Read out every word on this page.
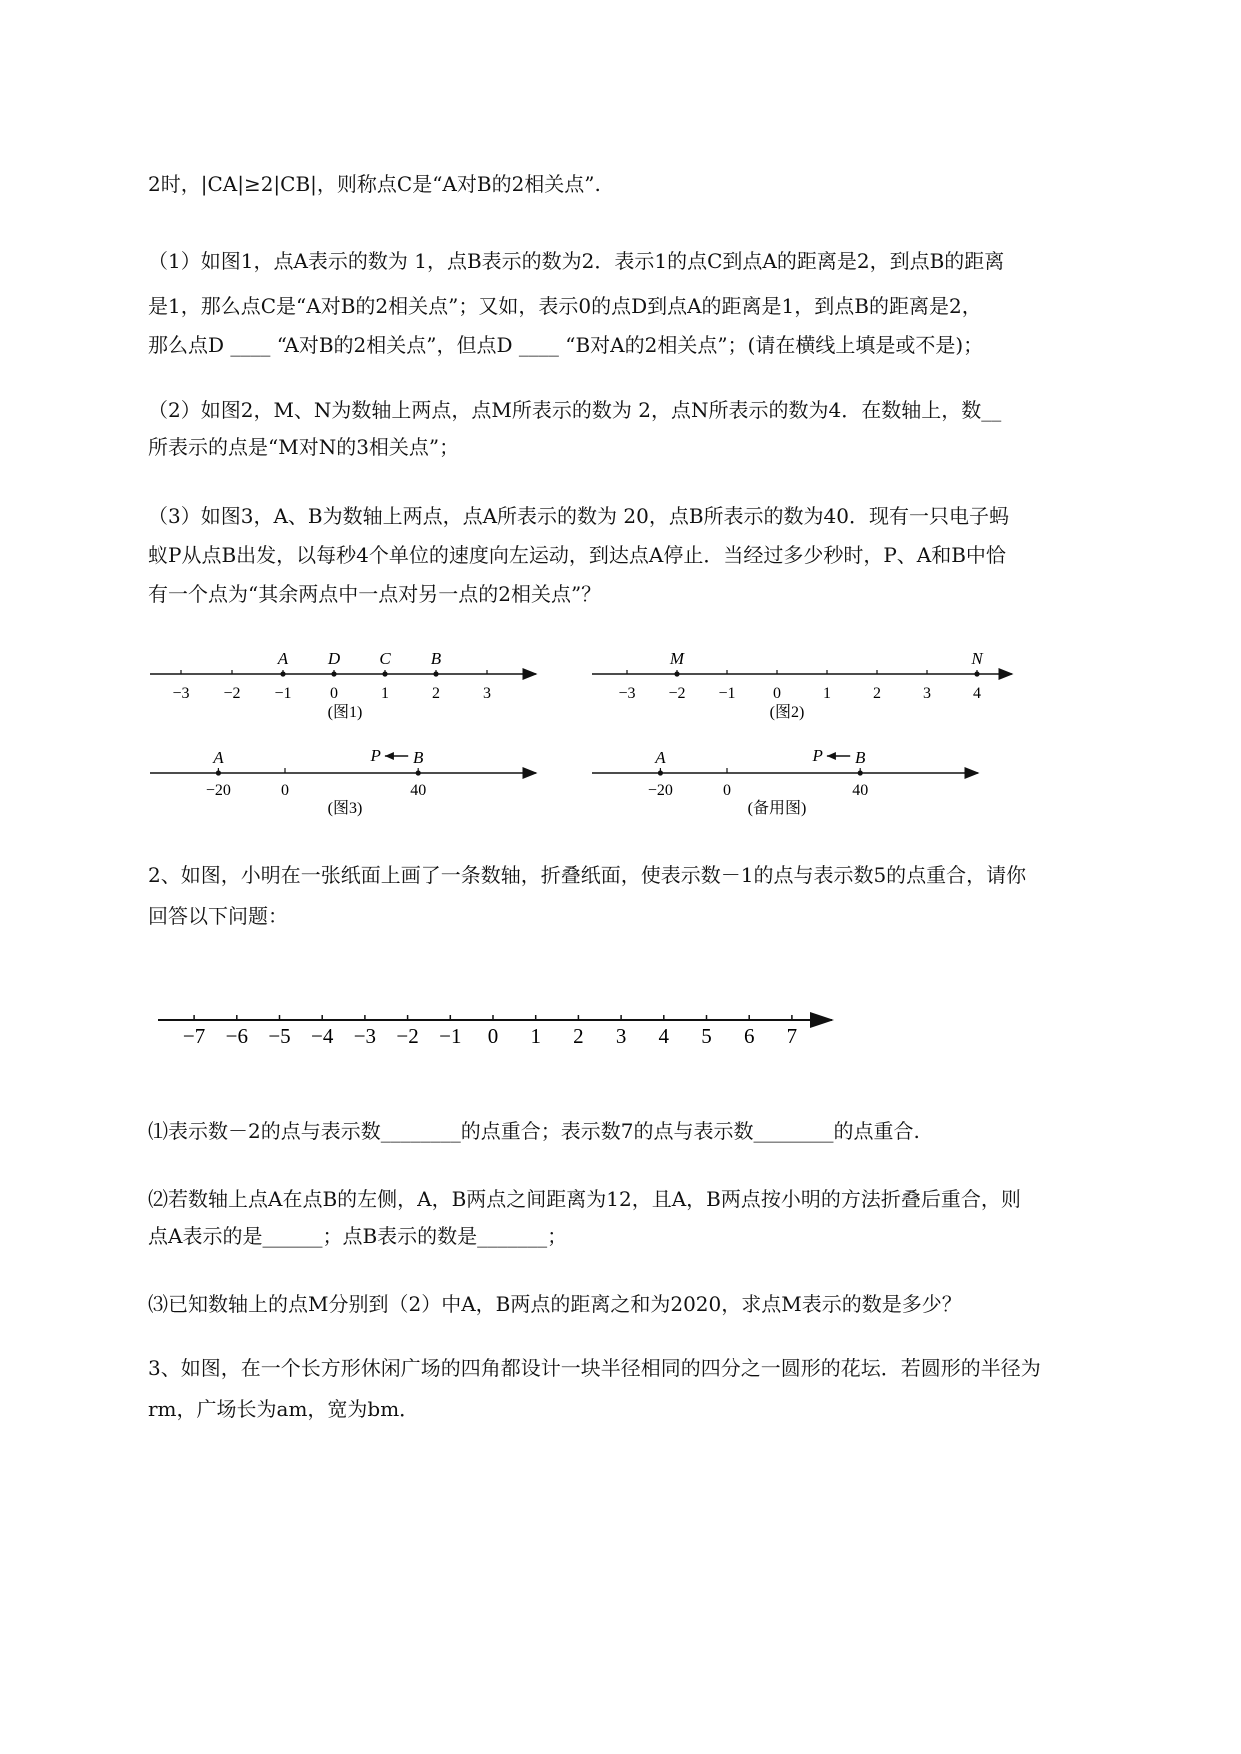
2时，|CA|≥2|CB|，则称点C是“A对B的2相关点”.
（1）如图1，点A表示的数为 1，点B表示的数为2．表示1的点C到点A的距离是2，到点B的距离
是1，那么点C是“A对B的2相关点”；又如，表示0的点D到点A的距离是1，到点B的距离是2，
那么点D ____ “A对B的2相关点”，但点D ____ “B对A的2相关点”；(请在横线上填是或不是)；
（2）如图2，M、N为数轴上两点，点M所表示的数为 2，点N所表示的数为4．在数轴上，数__
所表示的点是“M对N的3相关点”；
（3）如图3，A、B为数轴上两点，点A所表示的数为 20，点B所表示的数为40．现有一只电子蚂
蚁P从点B出发，以每秒4个单位的速度向左运动，到达点A停止．当经过多少秒时，P、A和B中恰
有一个点为“其余两点中一点对另一点的2相关点”？
−3 −2 −1 0	1	2	3
A D C B
(图1)
−3 −2 −1 0	1	2	3	4
M	N
(图2)
−20	0	40
A	B
P
(图3)
−20	0	40
A	B
P
(备用图)
2、如图，小明在一张纸面上画了一条数轴，折叠纸面，使表示数－1的点与表示数5的点重合，请你
回答以下问题：
−7 −6 −5 −4 −3 −2 −1 0 1 2 3 4 5 6 7
⑴表示数－2的点与表示数________的点重合；表示数7的点与表示数________的点重合.
⑵若数轴上点A在点B的左侧，A，B两点之间距离为12，且A，B两点按小明的方法折叠后重合，则
点A表示的是______；点B表示的数是_______；
⑶已知数轴上的点M分别到（2）中A，B两点的距离之和为2020，求点M表示的数是多少？
3、如图，在一个长方形休闲广场的四角都设计一块半径相同的四分之一圆形的花坛．若圆形的半径为
rm，广场长为am，宽为bm．
